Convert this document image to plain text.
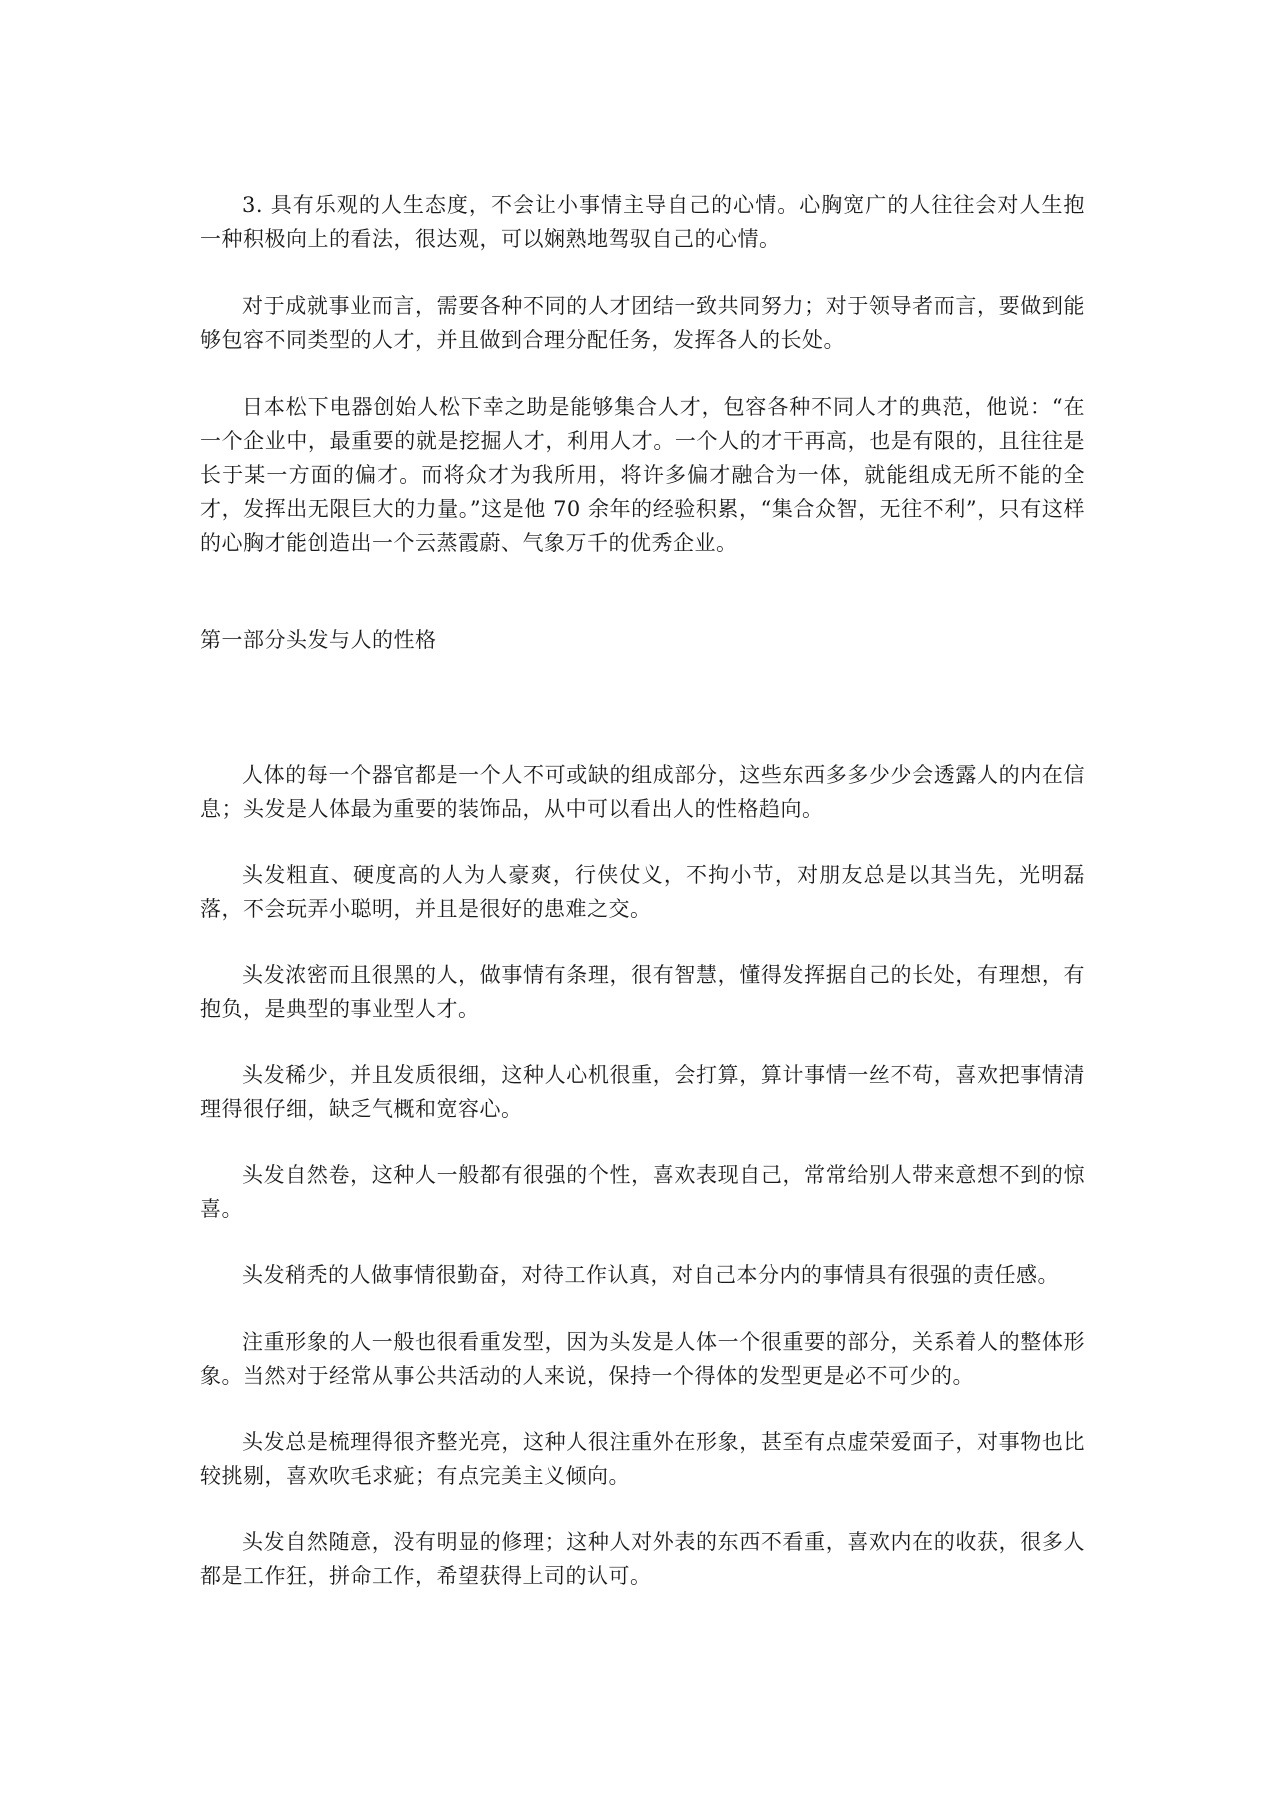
3. 具有乐观的人生态度，不会让小事情主导自己的心情。心胸宽广的人往往会对人生抱一种积极向上的看法，很达观，可以娴熟地驾驭自己的心情。

对于成就事业而言，需要各种不同的人才团结一致共同努力；对于领导者而言，要做到能够包容不同类型的人才，并且做到合理分配任务，发挥各人的长处。

日本松下电器创始人松下幸之助是能够集合人才，包容各种不同人才的典范，他说：“在一个企业中，最重要的就是挖掘人才，利用人才。一个人的才干再高，也是有限的，且往往是长于某一方面的偏才。而将众才为我所用，将许多偏才融合为一体，就能组成无所不能的全才，发挥出无限巨大的力量。”这是他 70 余年的经验积累，“集合众智，无往不利”，只有这样的心胸才能创造出一个云蒸霞蔚、气象万千的优秀企业。

第一部分头发与人的性格

人体的每一个器官都是一个人不可或缺的组成部分，这些东西多多少少会透露人的内在信息；头发是人体最为重要的装饰品，从中可以看出人的性格趋向。

头发粗直、硬度高的人为人豪爽，行侠仗义，不拘小节，对朋友总是以其当先，光明磊落，不会玩弄小聪明，并且是很好的患难之交。

头发浓密而且很黑的人，做事情有条理，很有智慧，懂得发挥据自己的长处，有理想，有抱负，是典型的事业型人才。

头发稀少，并且发质很细，这种人心机很重，会打算，算计事情一丝不苟，喜欢把事情清理得很仔细，缺乏气概和宽容心。

头发自然卷，这种人一般都有很强的个性，喜欢表现自己，常常给别人带来意想不到的惊喜。

头发稍秃的人做事情很勤奋，对待工作认真，对自己本分内的事情具有很强的责任感。

注重形象的人一般也很看重发型，因为头发是人体一个很重要的部分，关系着人的整体形象。当然对于经常从事公共活动的人来说，保持一个得体的发型更是必不可少的。

头发总是梳理得很齐整光亮，这种人很注重外在形象，甚至有点虚荣爱面子，对事物也比较挑剔，喜欢吹毛求疵；有点完美主义倾向。

头发自然随意，没有明显的修理；这种人对外表的东西不看重，喜欢内在的收获，很多人都是工作狂，拼命工作，希望获得上司的认可。
